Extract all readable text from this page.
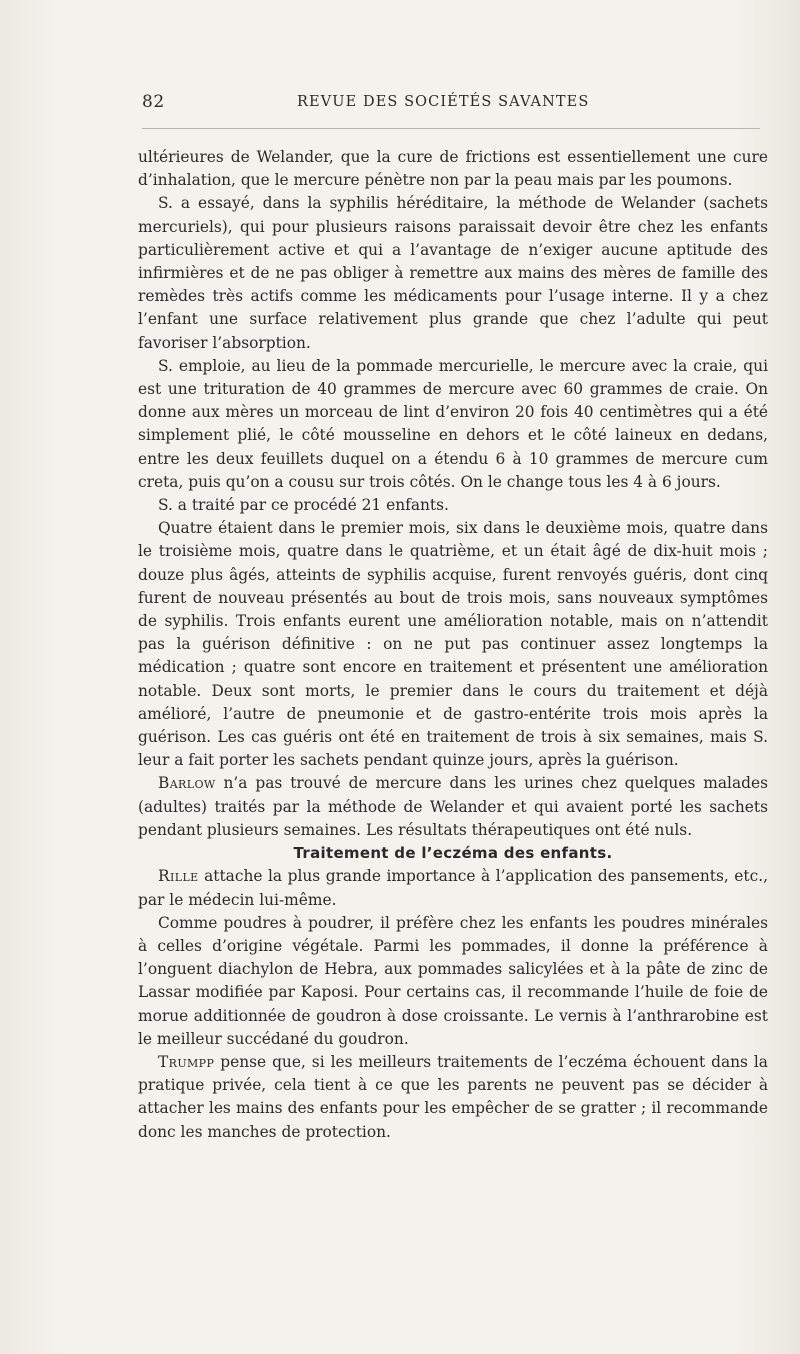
82	REVUE DES SOCIÉTÉS SAVANTES

ultérieures de Welander, que la cure de frictions est essentiellement une cure d’inhalation, que le mercure pénètre non par la peau mais par les poumons.

S. a essayé, dans la syphilis héréditaire, la méthode de Welander (sachets mercuriels), qui pour plusieurs raisons paraissait devoir être chez les enfants particulièrement active et qui a l’avantage de n’exiger aucune aptitude des infirmières et de ne pas obliger à remettre aux mains des mères de famille des remèdes très actifs comme les médicaments pour l’usage interne. Il y a chez l’enfant une surface relativement plus grande que chez l’adulte qui peut favoriser l’absorption.

S. emploie, au lieu de la pommade mercurielle, le mercure avec la craie, qui est une trituration de 40 grammes de mercure avec 60 grammes de craie. On donne aux mères un morceau de lint d’environ 20 fois 40 centimètres qui a été simplement plié, le côté mousseline en dehors et le côté laineux en dedans, entre les deux feuillets duquel on a étendu 6 à 10 grammes de mercure cum creta, puis qu’on a cousu sur trois côtés. On le change tous les 4 à 6 jours.

S. a traité par ce procédé 21 enfants.

Quatre étaient dans le premier mois, six dans le deuxième mois, quatre dans le troisième mois, quatre dans le quatrième, et un était âgé de dix-huit mois ; douze plus âgés, atteints de syphilis acquise, furent renvoyés guéris, dont cinq furent de nouveau présentés au bout de trois mois, sans nouveaux symptômes de syphilis. Trois enfants eurent une amélioration notable, mais on n’attendit pas la guérison définitive : on ne put pas continuer assez longtemps la médication ; quatre sont encore en traitement et présentent une amélioration notable. Deux sont morts, le premier dans le cours du traitement et déjà amélioré, l’autre de pneumonie et de gastro-entérite trois mois après la guérison. Les cas guéris ont été en traitement de trois à six semaines, mais S. leur a fait porter les sachets pendant quinze jours, après la guérison.

Barlow n’a pas trouvé de mercure dans les urines chez quelques malades (adultes) traités par la méthode de Welander et qui avaient porté les sachets pendant plusieurs semaines. Les résultats thérapeutiques ont été nuls.

Traitement de l’eczéma des enfants.

Rille attache la plus grande importance à l’application des pansements, etc., par le médecin lui-même.

Comme poudres à poudrer, il préfère chez les enfants les poudres minérales à celles d’origine végétale. Parmi les pommades, il donne la préférence à l’onguent diachylon de Hebra, aux pommades salicylées et à la pâte de zinc de Lassar modifiée par Kaposi. Pour certains cas, il recommande l’huile de foie de morue additionnée de goudron à dose croissante. Le vernis à l’anthrarobine est le meilleur succédané du goudron.

Trumpp pense que, si les meilleurs traitements de l’eczéma échouent dans la pratique privée, cela tient à ce que les parents ne peuvent pas se décider à attacher les mains des enfants pour les empêcher de se gratter ; il recommande donc les manches de protection.
